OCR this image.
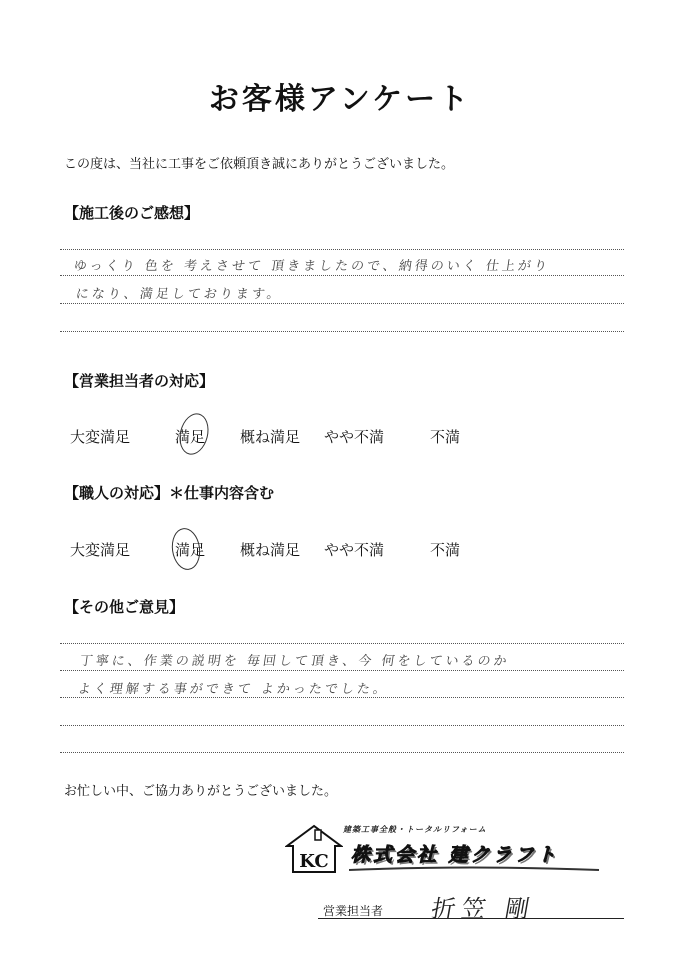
お客様アンケート
この度は、当社に工事をご依頼頂き誠にありがとうございました。
【施工後のご感想】
ゆっくり 色を 考えさせて 頂きましたので、納得のいく 仕上がり
になり、満足しております。
【営業担当者の対応】
大変満足	満足 概ね満足 やや不満	不満
【職人の対応】＊仕事内容含む
大変満足	満足 概ね満足 やや不満	不満
【その他ご意見】
丁寧に、作業の説明を 毎回して頂き、今 何をしているのか
よく理解する事ができて よかったでした。
お忙しい中、ご協力ありがとうございました。
KC
建築工事全般・トータルリフォーム
株式会社 建クラフト
営業担当者 折笠 剛
